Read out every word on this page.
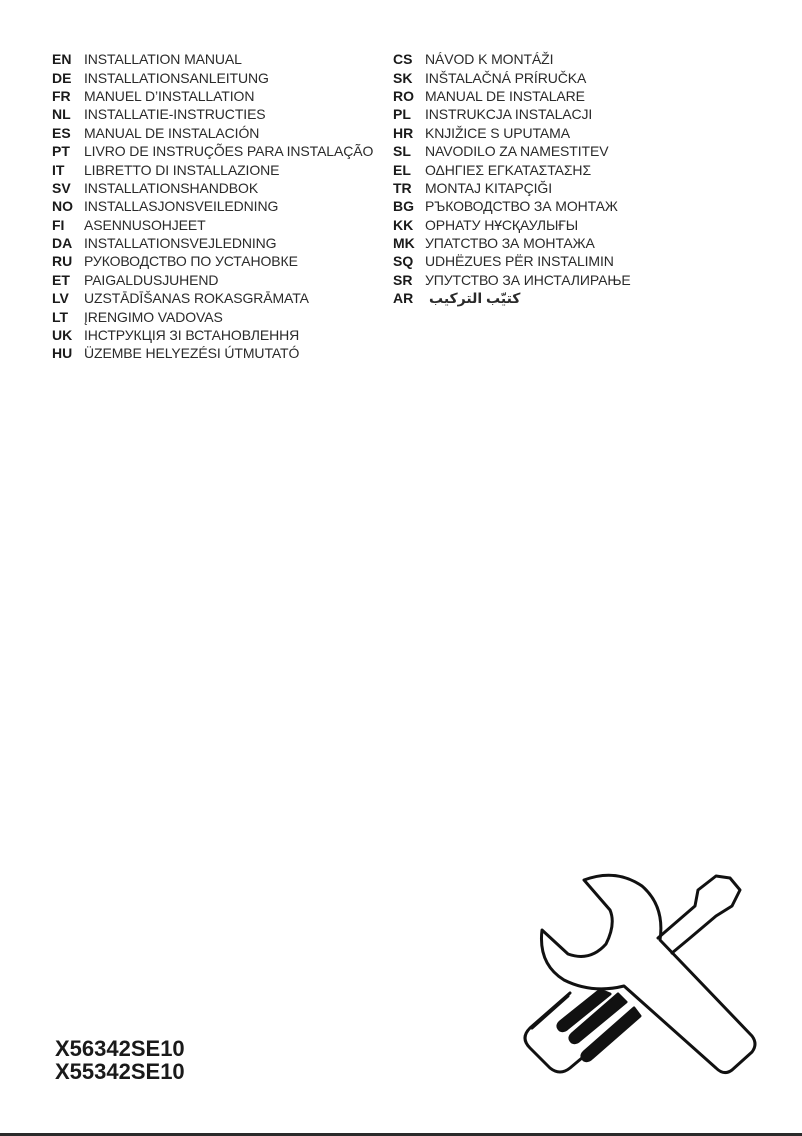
EN INSTALLATION MANUAL
DE INSTALLATIONSANLEITUNG
FR MANUEL D’INSTALLATION
NL INSTALLATIE-INSTRUCTIES
ES MANUAL DE INSTALACIÓN
PT	LIVRO DE INSTRUÇÕES PARA INSTALAÇÃO
IT	LIBRETTO DI INSTALLAZIONE
SV INSTALLATIONSHANDBOK
NO INSTALLASJONSVEILEDNING
FI	ASENNUSOHJEET
DA INSTALLATIONSVEJLEDNING
RU РУКОВОДСТВО ПО УСТАНОВКЕ
ET	PAIGALDUSJUHEND
LV	UZSTĀDĪŠANAS ROKASGRĀMATA
LT	ĮRENGIMO VADOVAS
UK ІНСТРУКЦІЯ ЗІ ВСТАНОВЛЕННЯ
HU ÜZEMBE HELYEZÉSI ÚTMUTATÓ
CS NÁVOD K MONTÁŽI
SK INŠTALAČNÁ PRÍRUČKA
RO MANUAL DE INSTALARE
PL	INSTRUKCJA INSTALACJI
HR KNJIŽICE S UPUTAMA
SL	NAVODILO ZA NAMESTITEV
EL	ΟΔΗΓΙΕΣ ΕΓΚΑΤΑΣΤΑΣΗΣ
TR MONTAJ KITAPÇIĞI
BG РЪКОВОДСТВО ЗА МОНТАЖ
KK ОРНАТУ НҰСҚАУЛЫҒЫ
MK УПАТСТВО ЗА МОНТАЖА
SQ UDHËZUES PËR INSTALIMIN
SR УПУТСТВО ЗА ИНСТАЛИРАЊЕ
AR	كتيّب التركيب
X56342SE10
X55342SE10
